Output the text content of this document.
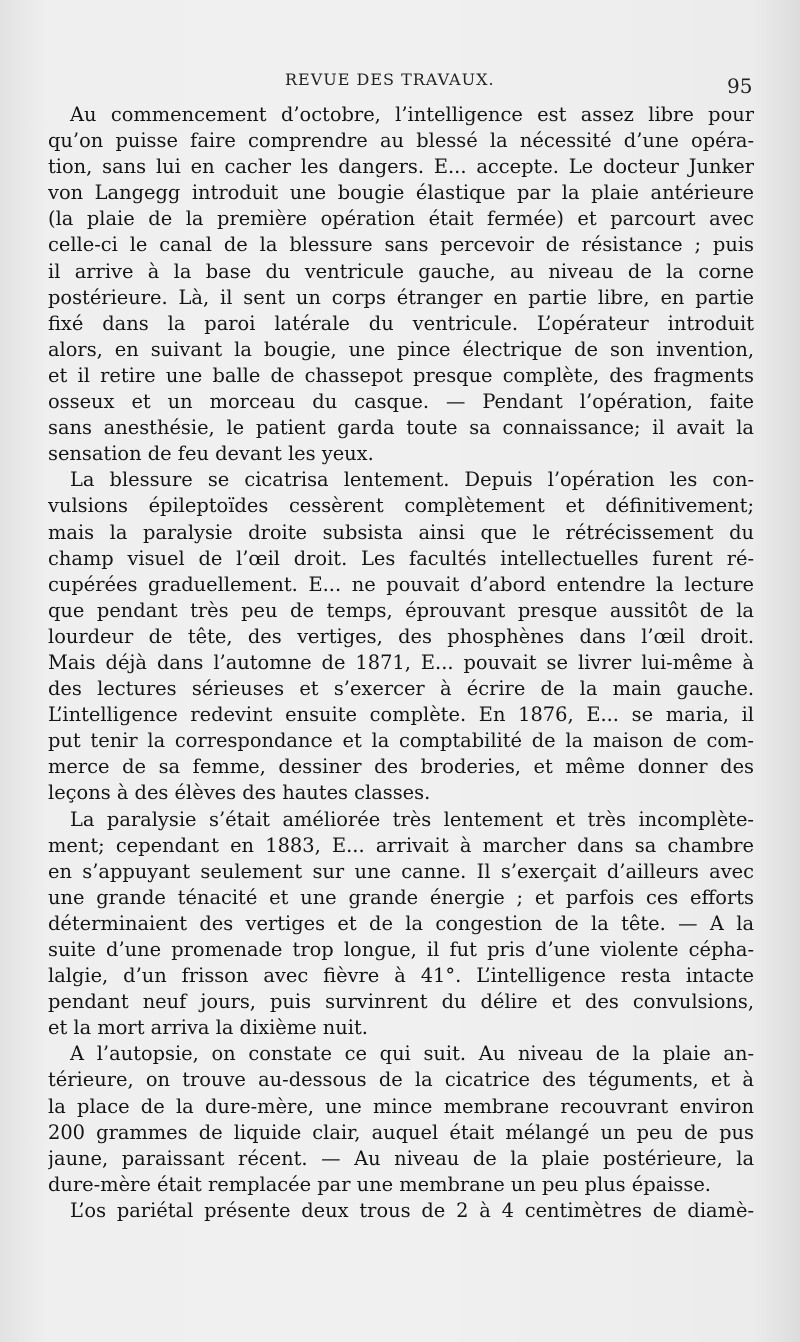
REVUE DES TRAVAUX.	95
Au commencement d’octobre, l’intelligence est assez libre pour
qu’on puisse faire comprendre au blessé la nécessité d’une opéra-
tion, sans lui en cacher les dangers. E... accepte. Le docteur Junker
von Langegg introduit une bougie élastique par la plaie antérieure
(la plaie de la première opération était fermée) et parcourt avec
celle-ci le canal de la blessure sans percevoir de résistance ; puis
il arrive à la base du ventricule gauche, au niveau de la corne
postérieure. Là, il sent un corps étranger en partie libre, en partie
fixé dans la paroi latérale du ventricule. L’opérateur introduit
alors, en suivant la bougie, une pince électrique de son invention,
et il retire une balle de chassepot presque complète, des fragments
osseux et un morceau du casque. — Pendant l’opération, faite
sans anesthésie, le patient garda toute sa connaissance; il avait la
sensation de feu devant les yeux.
La blessure se cicatrisa lentement. Depuis l’opération les con-
vulsions épileptoïdes cessèrent complètement et définitivement;
mais la paralysie droite subsista ainsi que le rétrécissement du
champ visuel de l’œil droit. Les facultés intellectuelles furent ré-
cupérées graduellement. E... ne pouvait d’abord entendre la lecture
que pendant très peu de temps, éprouvant presque aussitôt de la
lourdeur de tête, des vertiges, des phosphènes dans l’œil droit.
Mais déjà dans l’automne de 1871, E... pouvait se livrer lui-même à
des lectures sérieuses et s’exercer à écrire de la main gauche.
L’intelligence redevint ensuite complète. En 1876, E... se maria, il
put tenir la correspondance et la comptabilité de la maison de com-
merce de sa femme, dessiner des broderies, et même donner des
leçons à des élèves des hautes classes.
La paralysie s’était améliorée très lentement et très incomplète-
ment; cependant en 1883, E... arrivait à marcher dans sa chambre
en s’appuyant seulement sur une canne. Il s’exerçait d’ailleurs avec
une grande ténacité et une grande énergie ; et parfois ces efforts
déterminaient des vertiges et de la congestion de la tête. — A la
suite d’une promenade trop longue, il fut pris d’une violente cépha-
lalgie, d’un frisson avec fièvre à 41°. L’intelligence resta intacte
pendant neuf jours, puis survinrent du délire et des convulsions,
et la mort arriva la dixième nuit.
A l’autopsie, on constate ce qui suit. Au niveau de la plaie an-
térieure, on trouve au-dessous de la cicatrice des téguments, et à
la place de la dure-mère, une mince membrane recouvrant environ
200 grammes de liquide clair, auquel était mélangé un peu de pus
jaune, paraissant récent. — Au niveau de la plaie postérieure, la
dure-mère était remplacée par une membrane un peu plus épaisse.
L’os pariétal présente deux trous de 2 à 4 centimètres de diamè-
